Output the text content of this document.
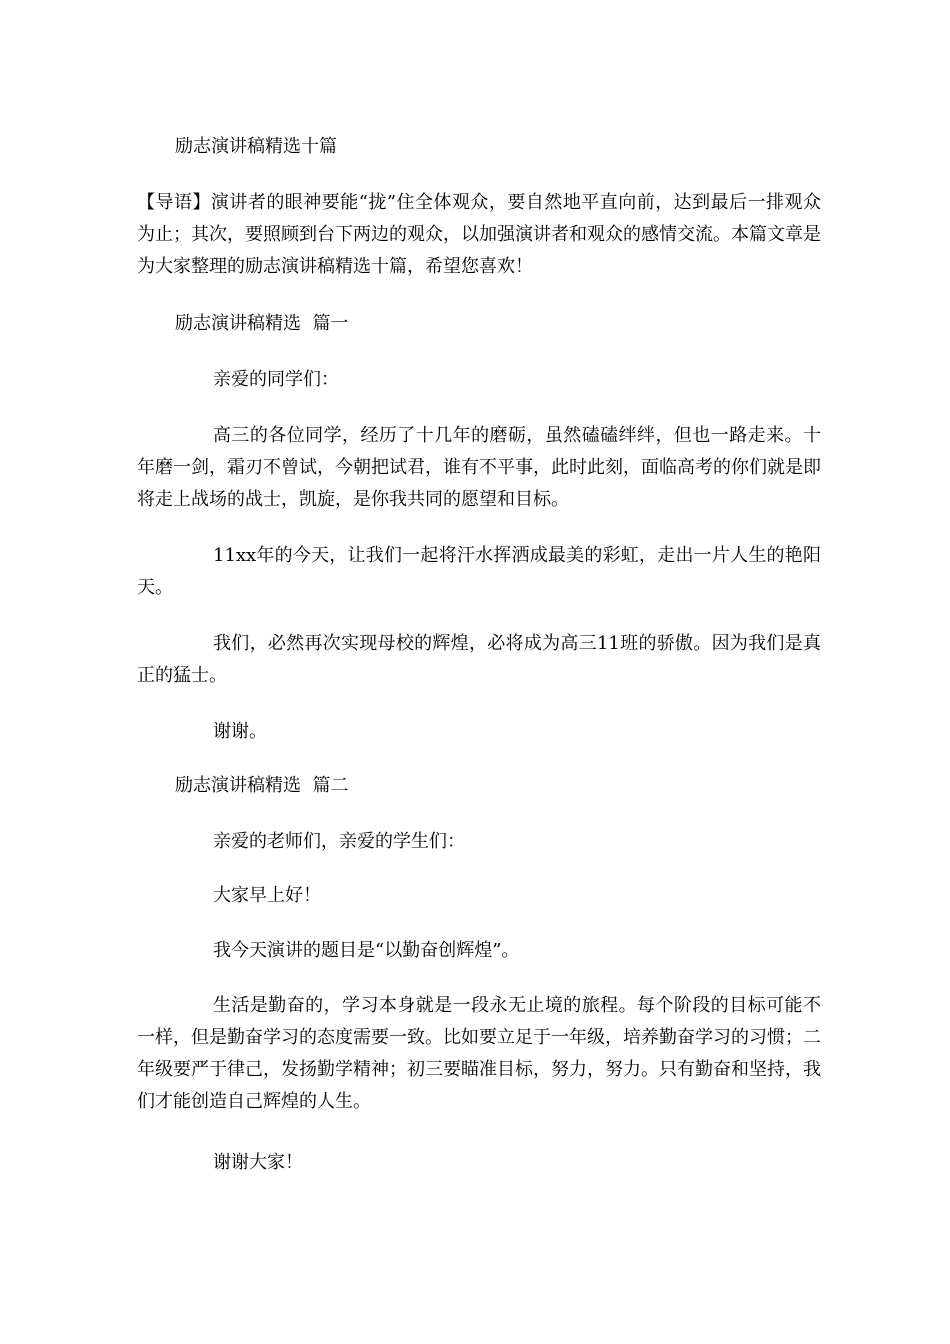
励志演讲稿精选十篇

【导语】演讲者的眼神要能“拢”住全体观众，要自然地平直向前，达到最后一排观众为止；其次，要照顾到台下两边的观众，以加强演讲者和观众的感情交流。本篇文章是为大家整理的励志演讲稿精选十篇，希望您喜欢！

励志演讲稿精选  篇一
亲爱的同学们：

高三的各位同学，经历了十几年的磨砺，虽然磕磕绊绊，但也一路走来。十年磨一剑，霜刃不曾试，今朝把试君，谁有不平事，此时此刻，面临高考的你们就是即将走上战场的战士，凯旋，是你我共同的愿望和目标。

11xx年的今天，让我们一起将汗水挥洒成最美的彩虹，走出一片人生的艳阳天。

我们，必然再次实现母校的辉煌，必将成为高三11班的骄傲。因为我们是真正的猛士。

谢谢。
励志演讲稿精选  篇二
亲爱的老师们，亲爱的学生们：
大家早上好！
我今天演讲的题目是“以勤奋创辉煌”。

生活是勤奋的，学习本身就是一段永无止境的旅程。每个阶段的目标可能不一样，但是勤奋学习的态度需要一致。比如要立足于一年级，培养勤奋学习的习惯；二年级要严于律己，发扬勤学精神；初三要瞄准目标，努力，努力。只有勤奋和坚持，我们才能创造自己辉煌的人生。

谢谢大家！
